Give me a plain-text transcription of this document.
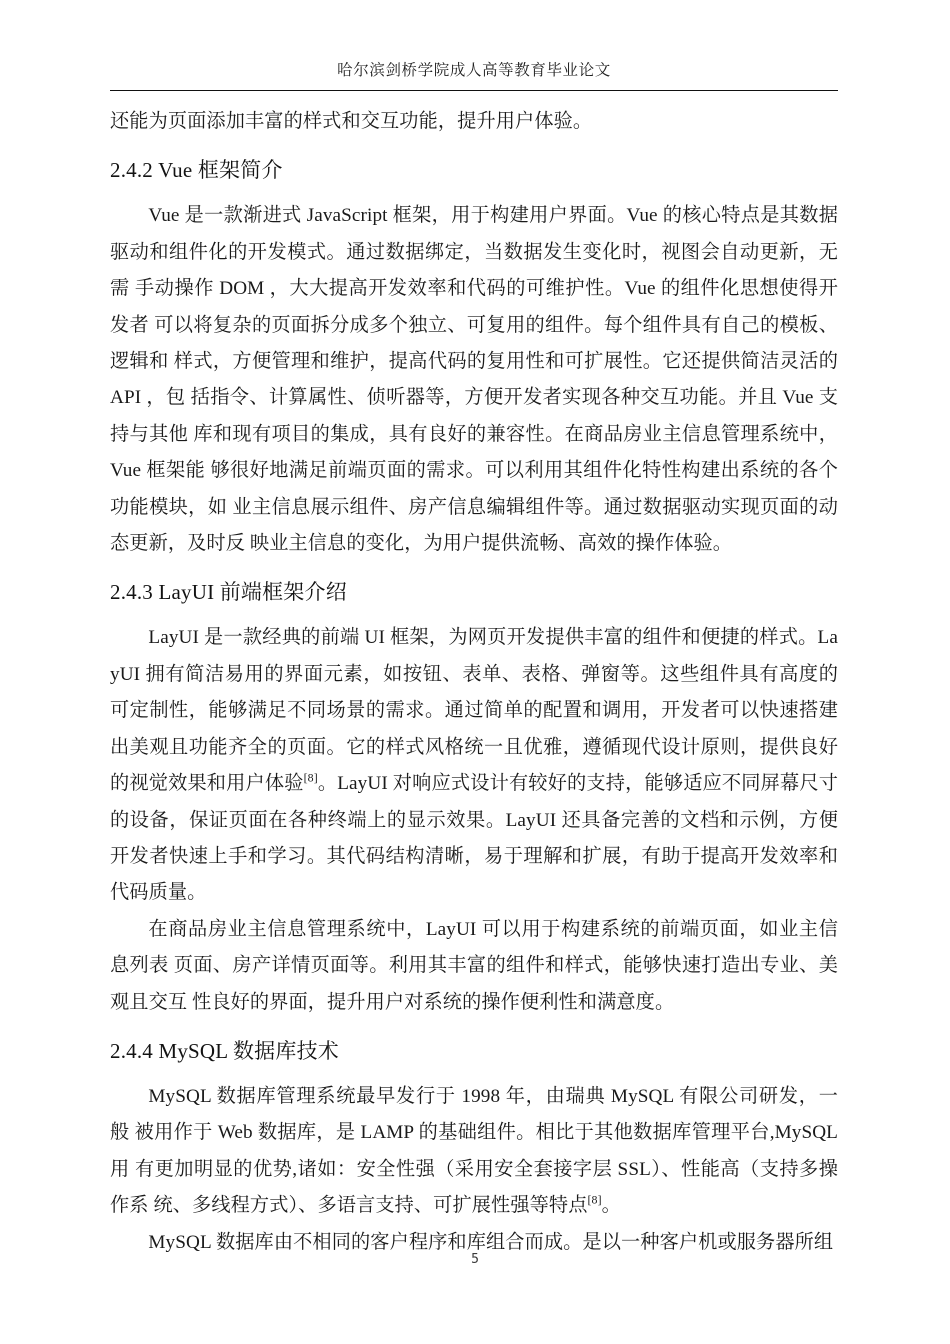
哈尔滨剑桥学院成人高等教育毕业论文

还能为页面添加丰富的样式和交互功能，提升用户体验。

2.4.2 Vue 框架简介

Vue 是一款渐进式 JavaScript 框架，用于构建用户界面。Vue 的核心特点是其数据 驱动和组件化的开发模式。通过数据绑定，当数据发生变化时，视图会自动更新，无需 手动操作 DOM ，大大提高开发效率和代码的可维护性。Vue 的组件化思想使得开发者 可以将复杂的页面拆分成多个独立、可复用的组件。每个组件具有自己的模板、逻辑和 样式，方便管理和维护，提高代码的复用性和可扩展性。它还提供简洁灵活的 API ，包 括指令、计算属性、侦听器等，方便开发者实现各种交互功能。并且 Vue 支持与其他 库和现有项目的集成，具有良好的兼容性。在商品房业主信息管理系统中，Vue 框架能 够很好地满足前端页面的需求。可以利用其组件化特性构建出系统的各个功能模块，如 业主信息展示组件、房产信息编辑组件等。通过数据驱动实现页面的动态更新，及时反 映业主信息的变化，为用户提供流畅、高效的操作体验。

2.4.3 LayUI 前端框架介绍

LayUI 是一款经典的前端 UI 框架，为网页开发提供丰富的组件和便捷的样式。LayUI 拥有简洁易用的界面元素，如按钮、表单、表格、弹窗等。这些组件具有高度的可定制性，能够满足不同场景的需求。通过简单的配置和调用，开发者可以快速搭建出美观且功能齐全的页面。它的样式风格统一且优雅，遵循现代设计原则，提供良好的视觉效果和用户体验[8]。LayUI 对响应式设计有较好的支持，能够适应不同屏幕尺寸的设备，保证页面在各种终端上的显示效果。LayUI 还具备完善的文档和示例，方便开发者快速上手和学习。其代码结构清晰，易于理解和扩展，有助于提高开发效率和代码质量。

在商品房业主信息管理系统中，LayUI 可以用于构建系统的前端页面，如业主信息列表 页面、房产详情页面等。利用其丰富的组件和样式，能够快速打造出专业、美观且交互 性良好的界面，提升用户对系统的操作便利性和满意度。

2.4.4 MySQL 数据库技术

MySQL 数据库管理系统最早发行于 1998 年，由瑞典 MySQL 有限公司研发，一般 被用作于 Web 数据库，是 LAMP 的基础组件。相比于其他数据库管理平台,MySQL 用 有更加明显的优势,诸如：安全性强（采用安全套接字层 SSL）、性能高（支持多操作系 统、多线程方式）、多语言支持、可扩展性强等特点[8]。

MySQL 数据库由不相同的客户程序和库组合而成。是以一种客户机或服务器所组

5
